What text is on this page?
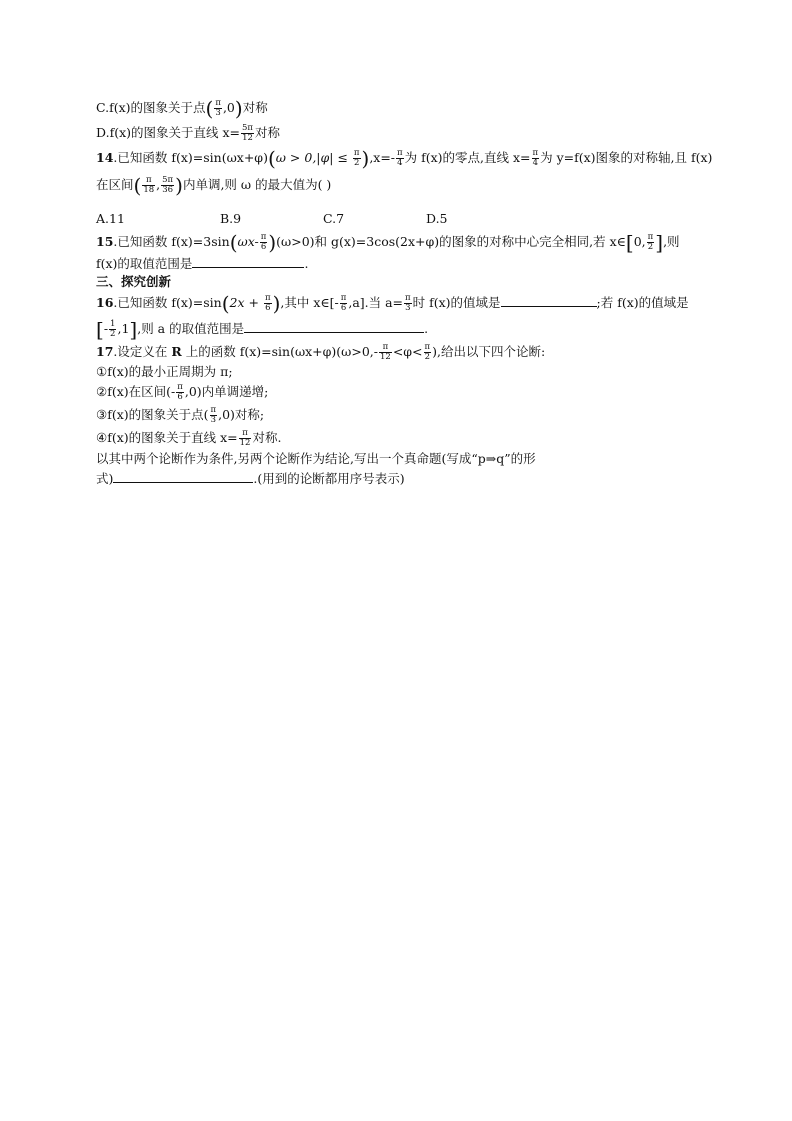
C.f(x)的图象关于点( $\frac{\pi}{3} ,0$)对称
D.f(x)的图象关于直线 $x= \frac{5\pi}{12}$ 对称
14.已知函数 $f(x)=\sin(\omega x+\varphi)(\omega > 0,|\varphi| \le \frac{\pi}{2} ),x=- \frac{\pi}{4}$ 为 f(x)的零点,直线 $x= \frac{\pi}{4}$ 为 y=f(x)图象的对称轴,且 f(x)
在区间( $\frac{\pi}{18}$ , $\frac{5\pi}{36}$ )内单调,则 ω 的最大值为( )
A.11	B.9	C.7	D.5
15.已知函数 $f(x)=3\sin(\omega x- \frac{\pi}{6} )(\omega>0)$和 g(x)=3cos(2x+φ)的图象的对称中心完全相同,若 x∈[0, $\frac{\pi}{2}$ ],则
f(x)的取值范围是	.
三、探究创新
16.已知函数 $f(x)=\sin(2x + \frac{\pi}{6}$ ),其中 x∈[- $\frac{\pi}{6} ,a$].当 $a= \frac{\pi}{3}$ 时 f(x)的值域是	;若 f(x)的值域是
[- $\frac{1}{2} ,1$],则 a 的取值范围是	.
17.设定义在 R 上的函数 $f(x)=\sin(\omega x+\varphi)(\omega>0,- \frac{\pi}{12} <\varphi< \frac{\pi}{2}$ ),给出以下四个论断:
①f(x)的最小正周期为 π;
②f(x)在区间(- $\frac{\pi}{6} ,0$)内单调递增;
③f(x)的图象关于点( $\frac{\pi}{3} ,0$)对称;
④f(x)的图象关于直线 $x= \frac{\pi}{12}$ 对称.
以其中两个论断作为条件,另两个论断作为结论,写出一个真命题(写成“p⇒q”的形
式)	.(用到的论断都用序号表示)
